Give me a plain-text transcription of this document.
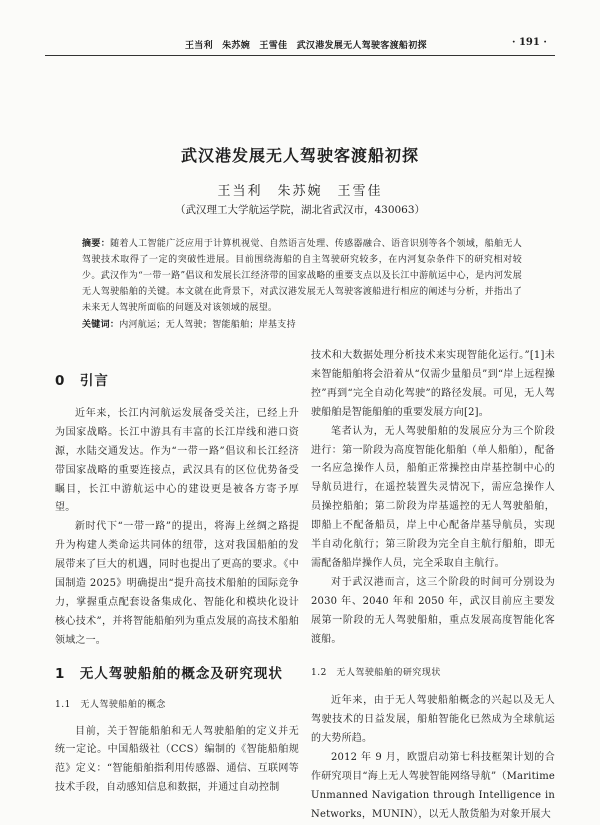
王当利　朱苏婉　王雪佳　武汉港发展无人驾驶客渡船初探	· 191 ·
武汉港发展无人驾驶客渡船初探
王当利　朱苏婉　王雪佳
（武汉理工大学航运学院，湖北省武汉市，430063）
摘要：随着人工智能广泛应用于计算机视觉、自然语言处理、传感器融合、语音识别等各个领域，船舶无人驾驶技术取得了一定的突破性进展。目前围绕海船的自主驾驶研究较多，在内河复杂条件下的研究相对较少。武汉作为“一带一路”倡议和发展长江经济带的国家战略的重要支点以及长江中游航运中心，是内河发展无人驾驶船舶的关键。本文就在此背景下，对武汉港发展无人驾驶客渡船进行相应的阐述与分析，并指出了未来无人驾驶所面临的问题及对该领域的展望。
关键词：内河航运；无人驾驶；智能船舶；岸基支持
0　引言

近年来，长江内河航运发展备受关注，已经上升为国家战略。长江中游具有丰富的长江岸线和港口资源，水陆交通发达。作为“一带一路”倡议和长江经济带国家战略的重要连接点，武汉具有的区位优势备受瞩目，长江中游航运中心的建设更是被各方寄予厚望。

新时代下“一带一路”的提出，将海上丝绸之路提升为构建人类命运共同体的纽带，这对我国船舶的发展带来了巨大的机遇，同时也提出了更高的要求。《中国制造 2025》明确提出“提升高技术船舶的国际竞争力，掌握重点配套设备集成化、智能化和模块化设计核心技术”，并将智能船舶列为重点发展的高技术船舶领域之一。

1　无人驾驶船舶的概念及研究现状
1.1　无人驾驶船舶的概念

目前，关于智能船舶和无人驾驶船舶的定义并无统一定论。中国船级社（CCS）编制的《智能船舶规范》定义：“智能船舶指利用传感器、通信、互联网等技术手段，自动感知信息和数据，并通过自动控制

技术和大数据处理分析技术来实现智能化运行。”[1]未来智能船舶将会沿着从“仅需少量船员”到“岸上远程操控”再到“完全自动化驾驶”的路径发展。可见，无人驾驶船舶是智能船舶的重要发展方向[2]。

笔者认为，无人驾驶船舶的发展应分为三个阶段进行：第一阶段为高度智能化船舶（单人船舶），配备一名应急操作人员，船舶正常操控由岸基控制中心的导航员进行，在遥控装置失灵情况下，需应急操作人员操控船舶；第二阶段为岸基遥控的无人驾驶船舶，即船上不配备船员，岸上中心配备岸基导航员，实现半自动化航行；第三阶段为完全自主航行船舶，即无需配备船岸操作人员，完全采取自主航行。

对于武汉港而言，这三个阶段的时间可分别设为 2030 年、2040 年和 2050 年，武汉目前应主要发展第一阶段的无人驾驶船舶，重点发展高度智能化客渡船。

1.2　无人驾驶船舶的研究现状

近年来，由于无人驾驶船舶概念的兴起以及无人驾驶技术的日益发展，船舶智能化已然成为全球航运的大势所趋。

2012 年 9 月，欧盟启动第七科技框架计划的合作研究项目“海上无人驾驶智能网络导航”（Maritime Unmanned Navigation through Intelligence in Networks，MUNIN），以无人散货船为对象开展大
